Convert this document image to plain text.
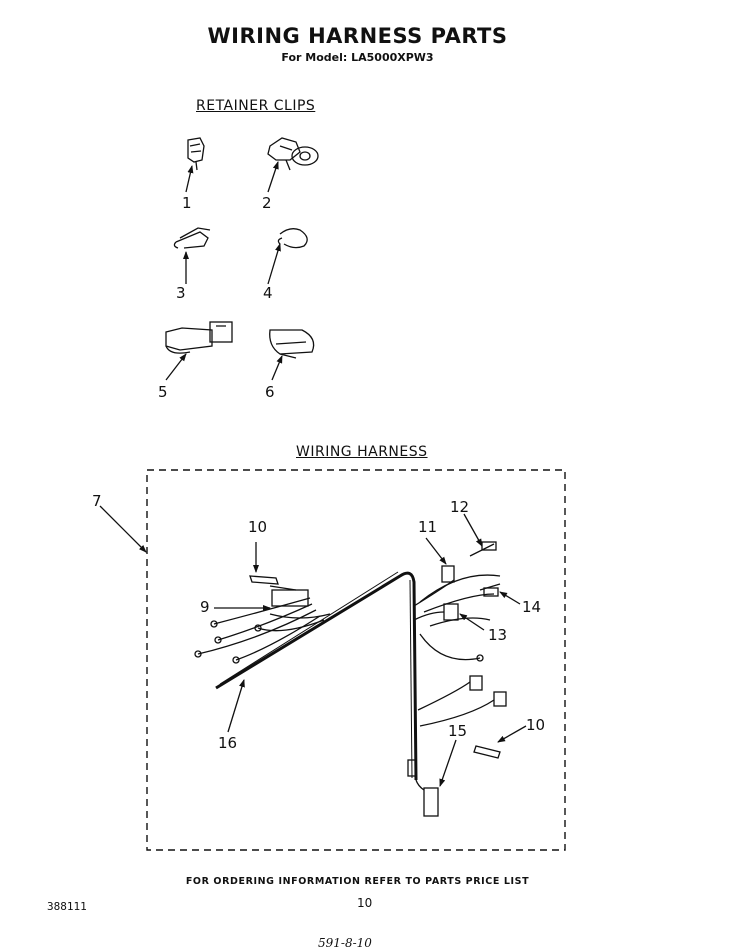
WIRING HARNESS PARTS
For Model: LA5000XPW3
RETAINER CLIPS
WIRING HARNESS
1	2
3	4
5	6
7
9
10
10
11
12
13
14
15
16
FOR ORDERING INFORMATION REFER TO PARTS PRICE LIST
388111	10
591-8-10
